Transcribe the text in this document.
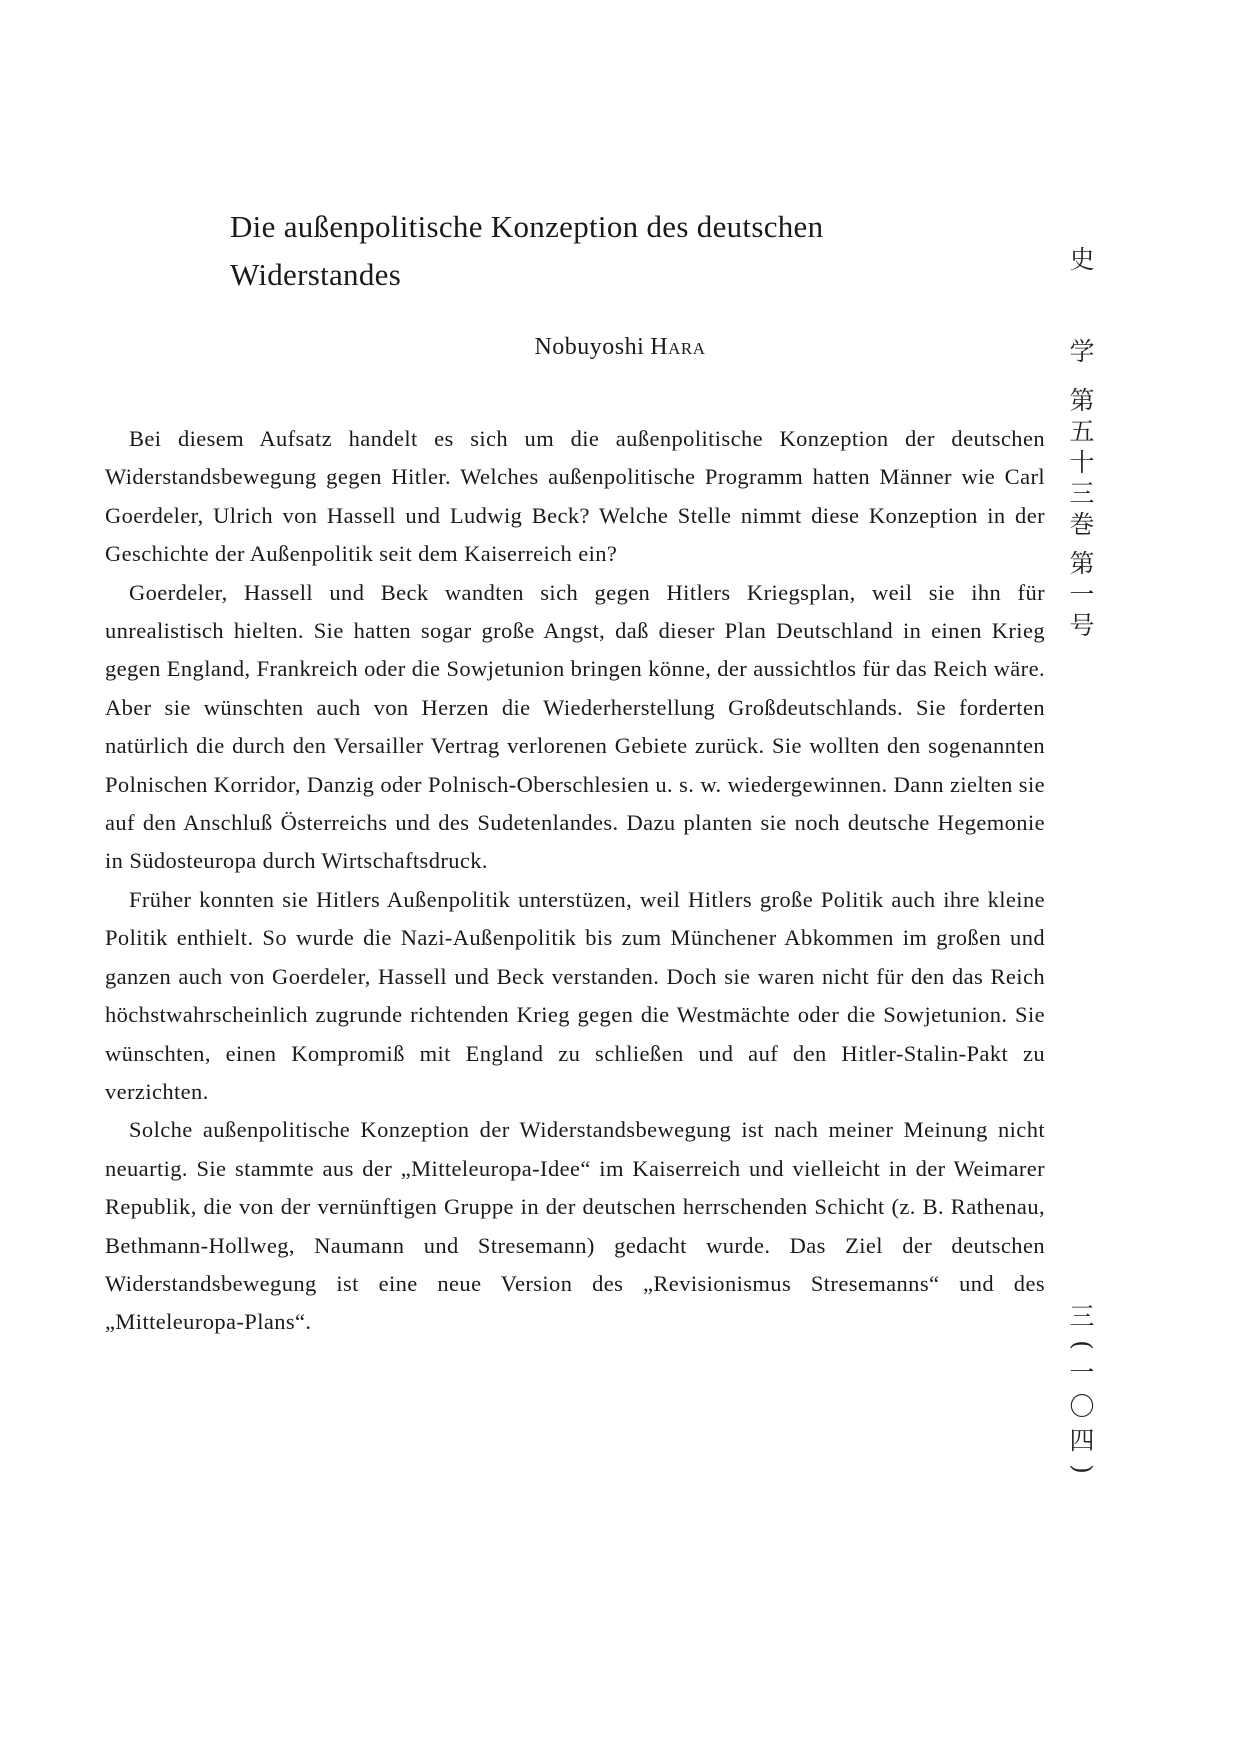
Die außenpolitische Konzeption des deutschen Widerstandes
Nobuyoshi Hara

Bei diesem Aufsatz handelt es sich um die außenpolitische Konzeption der deutschen Widerstandsbewegung gegen Hitler. Welches außenpolitische Programm hatten Männer wie Carl Goerdeler, Ulrich von Hassell und Ludwig Beck? Welche Stelle nimmt diese Konzeption in der Geschichte der Außenpolitik seit dem Kaiserreich ein?

Goerdeler, Hassell und Beck wandten sich gegen Hitlers Kriegsplan, weil sie ihn für unrealistisch hielten. Sie hatten sogar große Angst, daß dieser Plan Deutschland in einen Krieg gegen England, Frankreich oder die Sowjetunion bringen könne, der aussichtlos für das Reich wäre. Aber sie wünschten auch von Herzen die Wiederherstellung Großdeutschlands. Sie forderten natürlich die durch den Versailler Vertrag verlorenen Gebiete zurück. Sie wollten den sogenannten Polnischen Korridor, Danzig oder Polnisch-Oberschlesien u. s. w. wiedergewinnen. Dann zielten sie auf den Anschluß Österreichs und des Sudetenlandes. Dazu planten sie noch deutsche Hegemonie in Südosteuropa durch Wirtschaftsdruck.

Früher konnten sie Hitlers Außenpolitik unterstüzen, weil Hitlers große Politik auch ihre kleine Politik enthielt. So wurde die Nazi-Außenpolitik bis zum Münchener Abkommen im großen und ganzen auch von Goerdeler, Hassell und Beck verstanden. Doch sie waren nicht für den das Reich höchstwahrscheinlich zugrunde richtenden Krieg gegen die Westmächte oder die Sowjetunion. Sie wünschten, einen Kompromiß mit England zu schließen und auf den Hitler-Stalin-Pakt zu verzichten.

Solche außenpolitische Konzeption der Widerstandsbewegung ist nach meiner Meinung nicht neuartig. Sie stammte aus der „Mitteleuropa-Idee“ im Kaiserreich und vielleicht in der Weimarer Republik, die von der vernünftigen Gruppe in der deutschen herrschenden Schicht (z. B. Rathenau, Bethmann-Hollweg, Naumann und Stresemann) gedacht wurde. Das Ziel der deutschen Widerstandsbewegung ist eine neue Version des „Revisionismus Stresemanns“ und des „Mitteleuropa-Plans“.

史
学
第
五
十
三
巻
第
一
号
三
(
一
〇
四
)
